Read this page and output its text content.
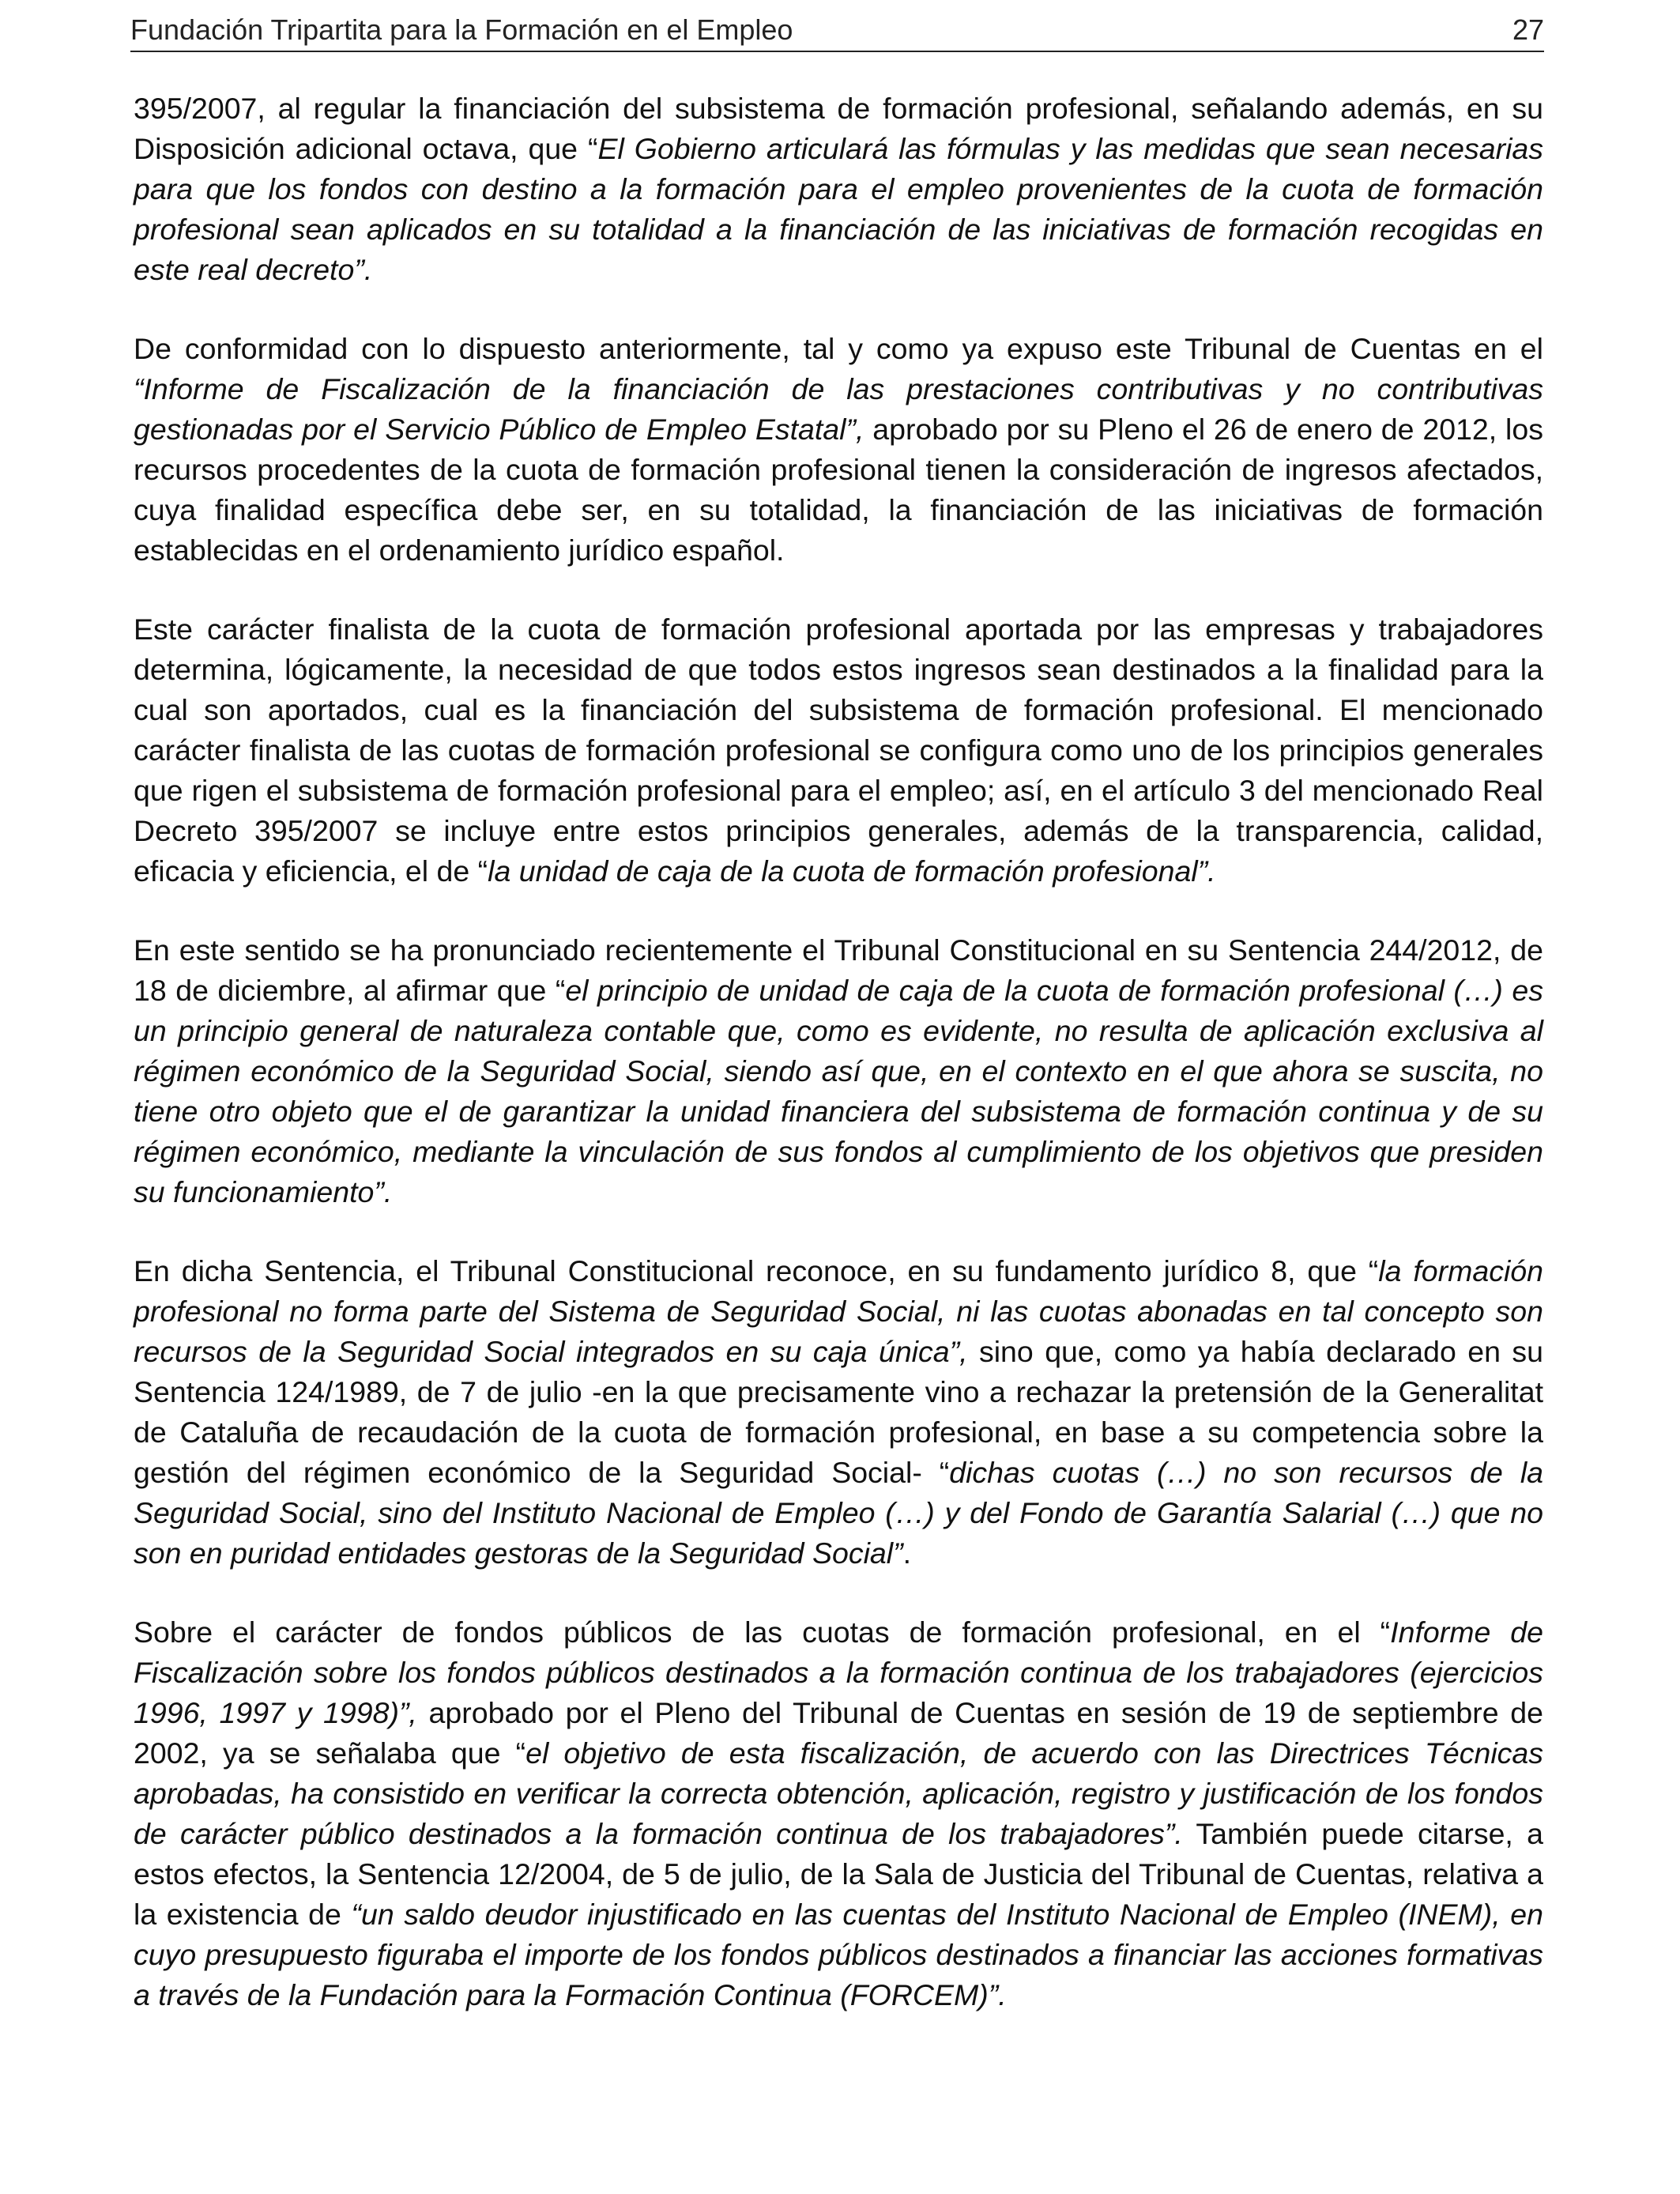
Fundación Tripartita para la Formación en el Empleo	27

395/2007, al regular la financiación del subsistema de formación profesional, señalando además, en su Disposición adicional octava, que “El Gobierno articulará las fórmulas y las medidas que sean necesarias para que los fondos con destino a la formación para el empleo provenientes de la cuota de formación profesional sean aplicados en su totalidad a la financiación de las iniciativas de formación recogidas en este real decreto”.

De conformidad con lo dispuesto anteriormente, tal y como ya expuso este Tribunal de Cuentas en el “Informe de Fiscalización de la financiación de las prestaciones contributivas y no contributivas gestionadas por el Servicio Público de Empleo Estatal”, aprobado por su Pleno el 26 de enero de 2012, los recursos procedentes de la cuota de formación profesional tienen la consideración de ingresos afectados, cuya finalidad específica debe ser, en su totalidad, la financiación de las iniciativas de formación establecidas en el ordenamiento jurídico español.

Este carácter finalista de la cuota de formación profesional aportada por las empresas y trabajadores determina, lógicamente, la necesidad de que todos estos ingresos sean destinados a la finalidad para la cual son aportados, cual es la financiación del subsistema de formación profesional. El mencionado carácter finalista de las cuotas de formación profesional se configura como uno de los principios generales que rigen el subsistema de formación profesional para el empleo; así, en el artículo 3 del mencionado Real Decreto 395/2007 se incluye entre estos principios generales, además de la transparencia, calidad, eficacia y eficiencia, el de “la unidad de caja de la cuota de formación profesional”.

En este sentido se ha pronunciado recientemente el Tribunal Constitucional en su Sentencia 244/2012, de 18 de diciembre, al afirmar que “el principio de unidad de caja de la cuota de formación profesional (…) es un principio general de naturaleza contable que, como es evidente, no resulta de aplicación exclusiva al régimen económico de la Seguridad Social, siendo así que, en el contexto en el que ahora se suscita, no tiene otro objeto que el de garantizar la unidad financiera del subsistema de formación continua y de su régimen económico, mediante la vinculación de sus fondos al cumplimiento de los objetivos que presiden su funcionamiento”.

En dicha Sentencia, el Tribunal Constitucional reconoce, en su fundamento jurídico 8, que “la formación profesional no forma parte del Sistema de Seguridad Social, ni las cuotas abonadas en tal concepto son recursos de la Seguridad Social integrados en su caja única”, sino que, como ya había declarado en su Sentencia 124/1989, de 7 de julio -en la que precisamente vino a rechazar la pretensión de la Generalitat de Cataluña de recaudación de la cuota de formación profesional, en base a su competencia sobre la gestión del régimen económico de la Seguridad Social- “dichas cuotas (…) no son recursos de la Seguridad Social, sino del Instituto Nacional de Empleo (…) y del Fondo de Garantía Salarial (…) que no son en puridad entidades gestoras de la Seguridad Social”.

Sobre el carácter de fondos públicos de las cuotas de formación profesional, en el “Informe de Fiscalización sobre los fondos públicos destinados a la formación continua de los trabajadores (ejercicios 1996, 1997 y 1998)”, aprobado por el Pleno del Tribunal de Cuentas en sesión de 19 de septiembre de 2002, ya se señalaba que “el objetivo de esta fiscalización, de acuerdo con las Directrices Técnicas aprobadas, ha consistido en verificar la correcta obtención, aplicación, registro y justificación de los fondos de carácter público destinados a la formación continua de los trabajadores”. También puede citarse, a estos efectos, la Sentencia 12/2004, de 5 de julio, de la Sala de Justicia del Tribunal de Cuentas, relativa a la existencia de “un saldo deudor injustificado en las cuentas del Instituto Nacional de Empleo (INEM), en cuyo presupuesto figuraba el importe de los fondos públicos destinados a financiar las acciones formativas a través de la Fundación para la Formación Continua (FORCEM)”.
